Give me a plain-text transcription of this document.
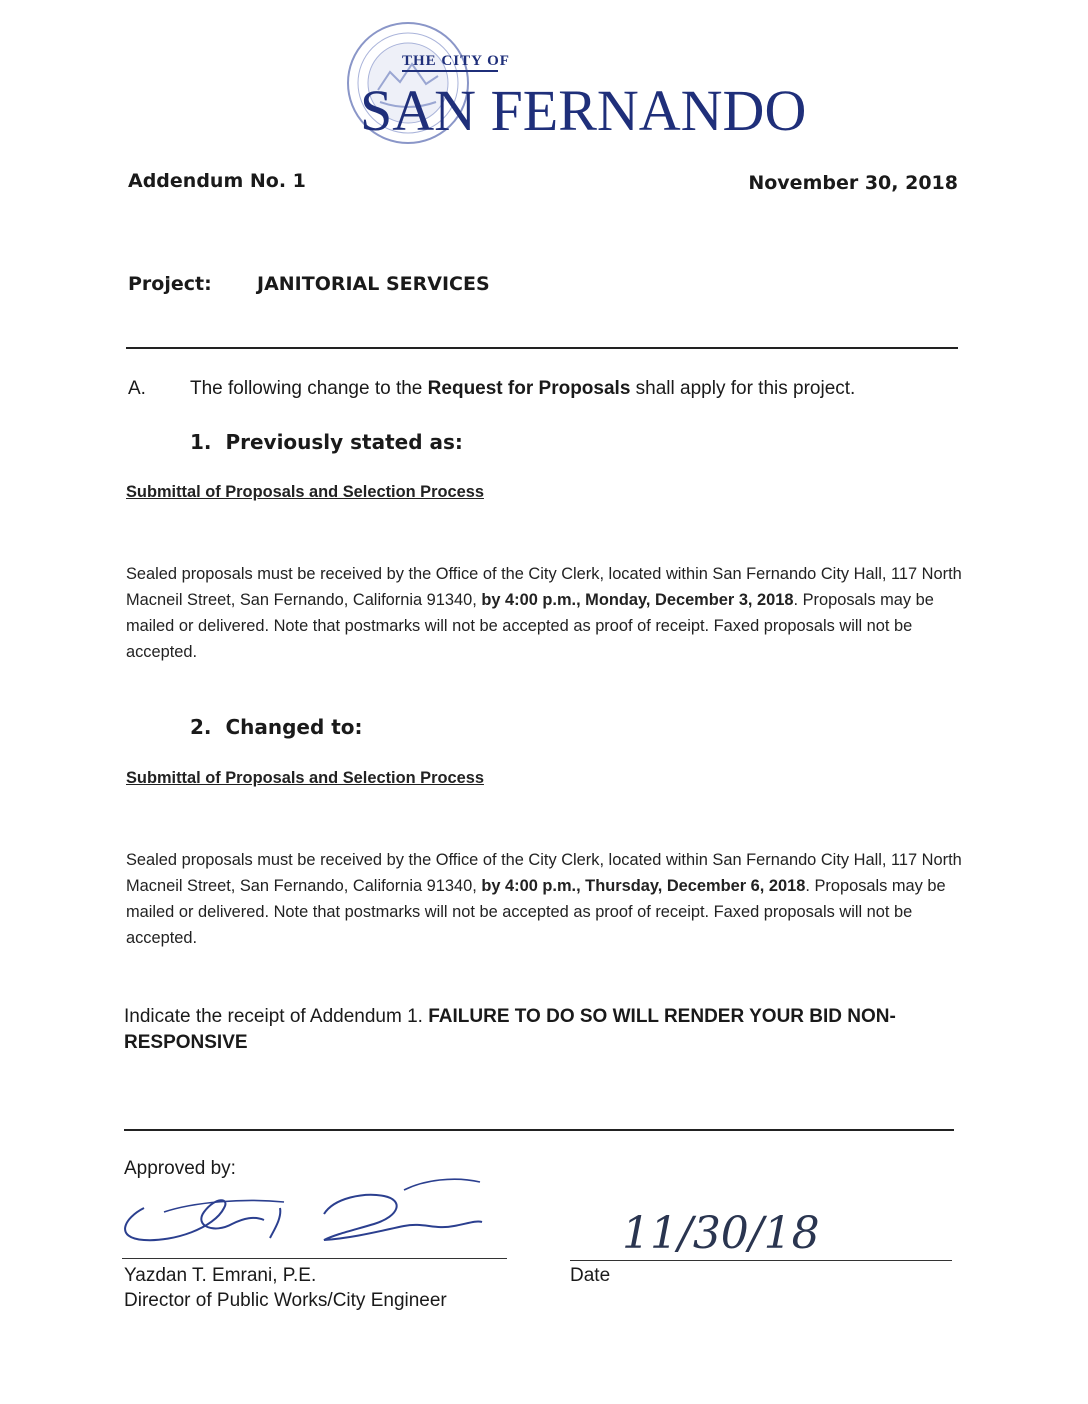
THE CITY OF
SAN FERNANDO
Addendum No. 1	November 30, 2018
Project: JANITORIAL SERVICES
A. The following change to the Request for Proposals shall apply for this project.
1.  Previously stated as:
Submittal of Proposals and Selection Process
Sealed proposals must be received by the Office of the City Clerk, located within San Fernando City Hall, 117 North Macneil Street, San Fernando, California 91340, by 4:00 p.m., Monday, December 3, 2018. Proposals may be mailed or delivered. Note that postmarks will not be accepted as proof of receipt. Faxed proposals will not be accepted.
2.  Changed to:
Submittal of Proposals and Selection Process
Sealed proposals must be received by the Office of the City Clerk, located within San Fernando City Hall, 117 North Macneil Street, San Fernando, California 91340, by 4:00 p.m., Thursday, December 6, 2018. Proposals may be mailed or delivered. Note that postmarks will not be accepted as proof of receipt. Faxed proposals will not be accepted.
Indicate the receipt of Addendum 1. FAILURE TO DO SO WILL RENDER YOUR BID NON-RESPONSIVE
Approved by:
Yazdan T. Emrani, P.E.
Director of Public Works/City Engineer
11/30/18
Date
